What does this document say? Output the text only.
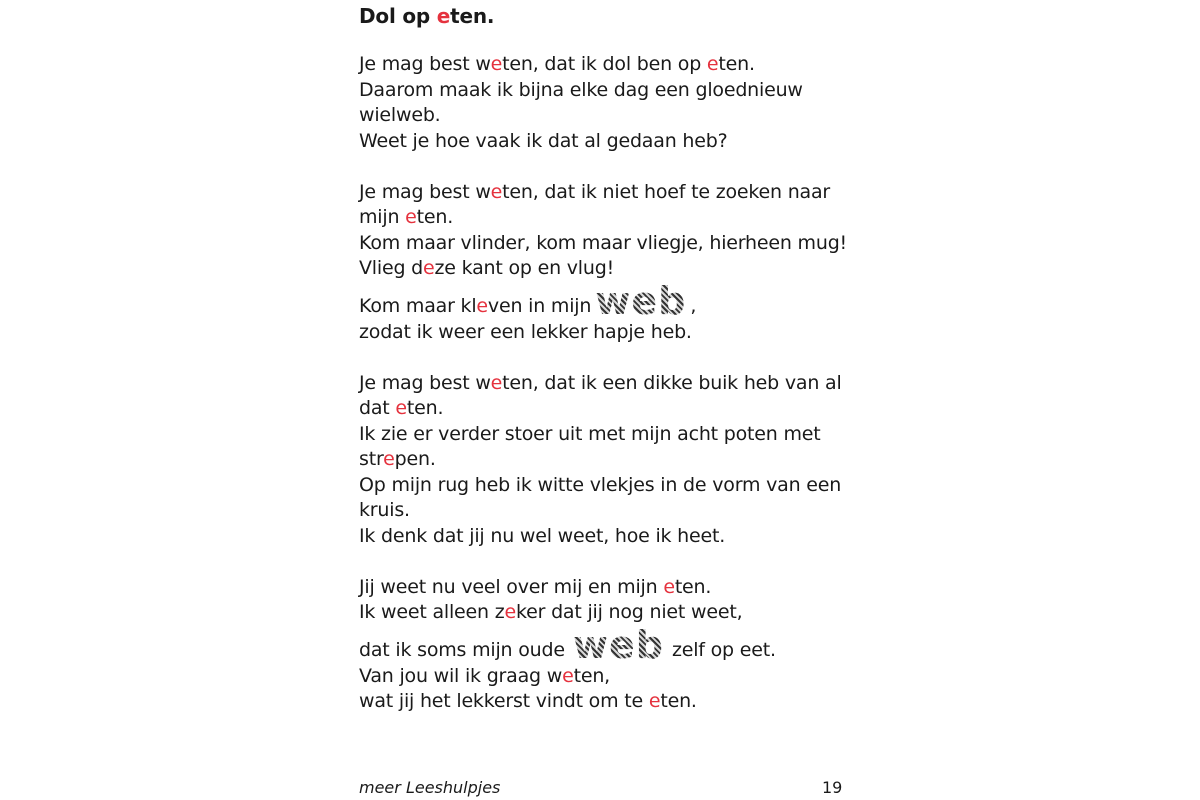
Dol op eten.
Je mag best weten, dat ik dol ben op eten.
Daarom maak ik bijna elke dag een gloednieuw
wielweb.
Weet je hoe vaak ik dat al gedaan heb?
Je mag best weten, dat ik niet hoef te zoeken naar
mijn eten.
Kom maar vlinder, kom maar vliegje, hierheen mug!
Vlieg deze kant op en vlug!
Kom maar kleven in mijn web ,
zodat ik weer een lekker hapje heb.
Je mag best weten, dat ik een dikke buik heb van al
dat eten.
Ik zie er verder stoer uit met mijn acht poten met
strepen.
Op mijn rug heb ik witte vlekjes in de vorm van een
kruis.
Ik denk dat jij nu wel weet, hoe ik heet.
Jij weet nu veel over mij en mijn eten.
Ik weet alleen zeker dat jij nog niet weet,
dat ik soms mijn oude web zelf op eet.
Van jou wil ik graag weten,
wat jij het lekkerst vindt om te eten.
meer Leeshulpjes	19
